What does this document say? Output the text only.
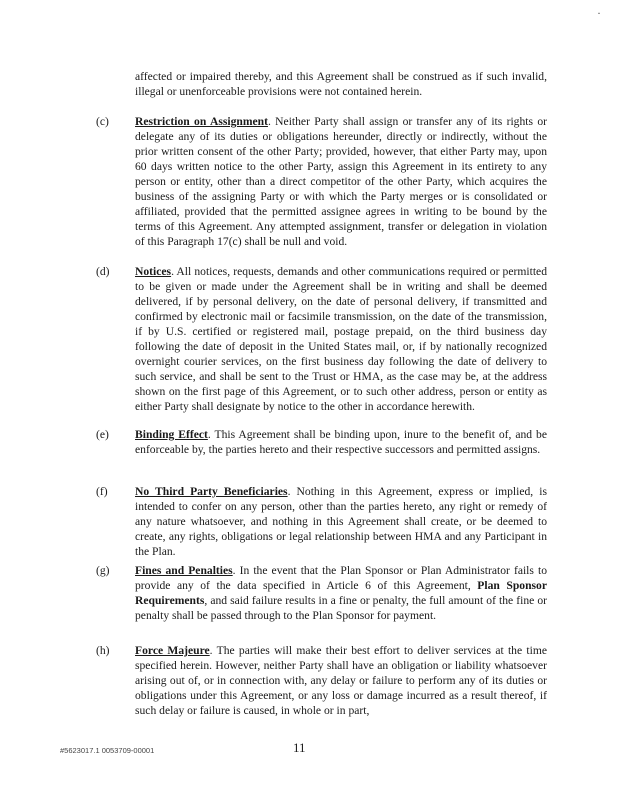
·

affected or impaired thereby, and this Agreement shall be construed as if such invalid, illegal or unenforceable provisions were not contained herein.

(c)	Restriction on Assignment. Neither Party shall assign or transfer any of its rights or delegate any of its duties or obligations hereunder, directly or indirectly, without the prior written consent of the other Party; provided, however, that either Party may, upon 60 days written notice to the other Party, assign this Agreement in its entirety to any person or entity, other than a direct competitor of the other Party, which acquires the business of the assigning Party or with which the Party merges or is consolidated or affiliated, provided that the permitted assignee agrees in writing to be bound by the terms of this Agreement. Any attempted assignment, transfer or delegation in violation of this Paragraph 17(c) shall be null and void.
(d)	Notices. All notices, requests, demands and other communications required or permitted to be given or made under the Agreement shall be in writing and shall be deemed delivered, if by personal delivery, on the date of personal delivery, if transmitted and confirmed by electronic mail or facsimile transmission, on the date of the transmission, if by U.S. certified or registered mail, postage prepaid, on the third business day following the date of deposit in the United States mail, or, if by nationally recognized overnight courier services, on the first business day following the date of delivery to such service, and shall be sent to the Trust or HMA, as the case may be, at the address shown on the first page of this Agreement, or to such other address, person or entity as either Party shall designate by notice to the other in accordance herewith.
(e)	Binding Effect. This Agreement shall be binding upon, inure to the benefit of, and be enforceable by, the parties hereto and their respective successors and permitted assigns.
(f)	No Third Party Beneficiaries. Nothing in this Agreement, express or implied, is intended to confer on any person, other than the parties hereto, any right or remedy of any nature whatsoever, and nothing in this Agreement shall create, or be deemed to create, any rights, obligations or legal relationship between HMA and any Participant in the Plan.
(g)	Fines and Penalties. In the event that the Plan Sponsor or Plan Administrator fails to provide any of the data specified in Article 6 of this Agreement, Plan Sponsor Requirements, and said failure results in a fine or penalty, the full amount of the fine or penalty shall be passed through to the Plan Sponsor for payment.
(h)	Force Majeure. The parties will make their best effort to deliver services at the time specified herein. However, neither Party shall have an obligation or liability whatsoever arising out of, or in connection with, any delay or failure to perform any of its duties or obligations under this Agreement, or any loss or damage incurred as a result thereof, if such delay or failure is caused, in whole or in part,
#5623017.1 0053709-00001	11
